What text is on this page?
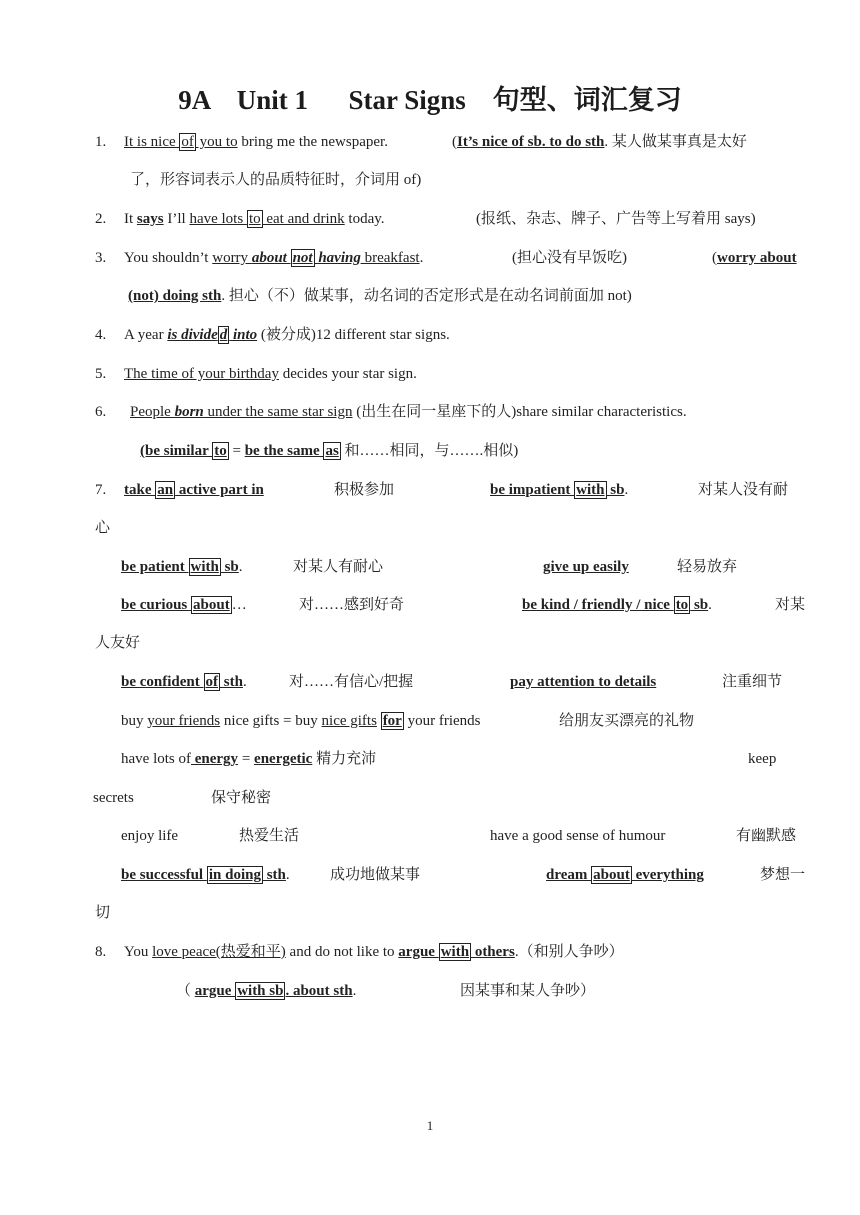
9A    Unit 1      Star Signs    句型、词汇复习
1. It is nice of you to bring me the newspaper.	(It’s nice of sb. to do sth. 某人做某事真是太好
了，形容词表示人的品质特征时，介词用 of)
2. It says I’ll have lots to eat and drink today.	(报纸、杂志、牌子、广告等上写着用 says)
3. You shouldn’t worry about not having breakfast.	(担心没有早饭吃)	(worry about
(not) doing sth. 担心（不）做某事，动名词的否定形式是在动名词前面加 not)
4. A year is divide d into (被分成)12 different star signs.
5. The time of your birthday decides your star sign.
6. People born under the same star sign (出生在同一星座下的人)share similar characteristics.
(be similar to = be the same as 和……相同，与…….相似)
7. take an active part in	积极参加	be impatient with sb.	对某人没有耐
心
be patient with sb.	对某人有耐心	give up easily	轻易放弃
be curious about …	对……感到好奇	be kind / friendly / nice to sb.	对某
人友好
be confident of sth.	对……有信心/把握	pay attention to details	注重细节
buy your friends nice gifts = buy nice gifts for your friends	给朋友买漂亮的礼物
have lots of energy = energetic 精力充沛	keep
secrets	保守秘密
enjoy life	热爱生活	have a good sense of humour	有幽默感
be successful in doing sth.	成功地做某事	dream about everything	梦想一
切
8. You love peace(热爱和平) and do not like to argue with others.（和别人争吵）
（ argue with sb . about sth.	因某事和某人争吵）
1
